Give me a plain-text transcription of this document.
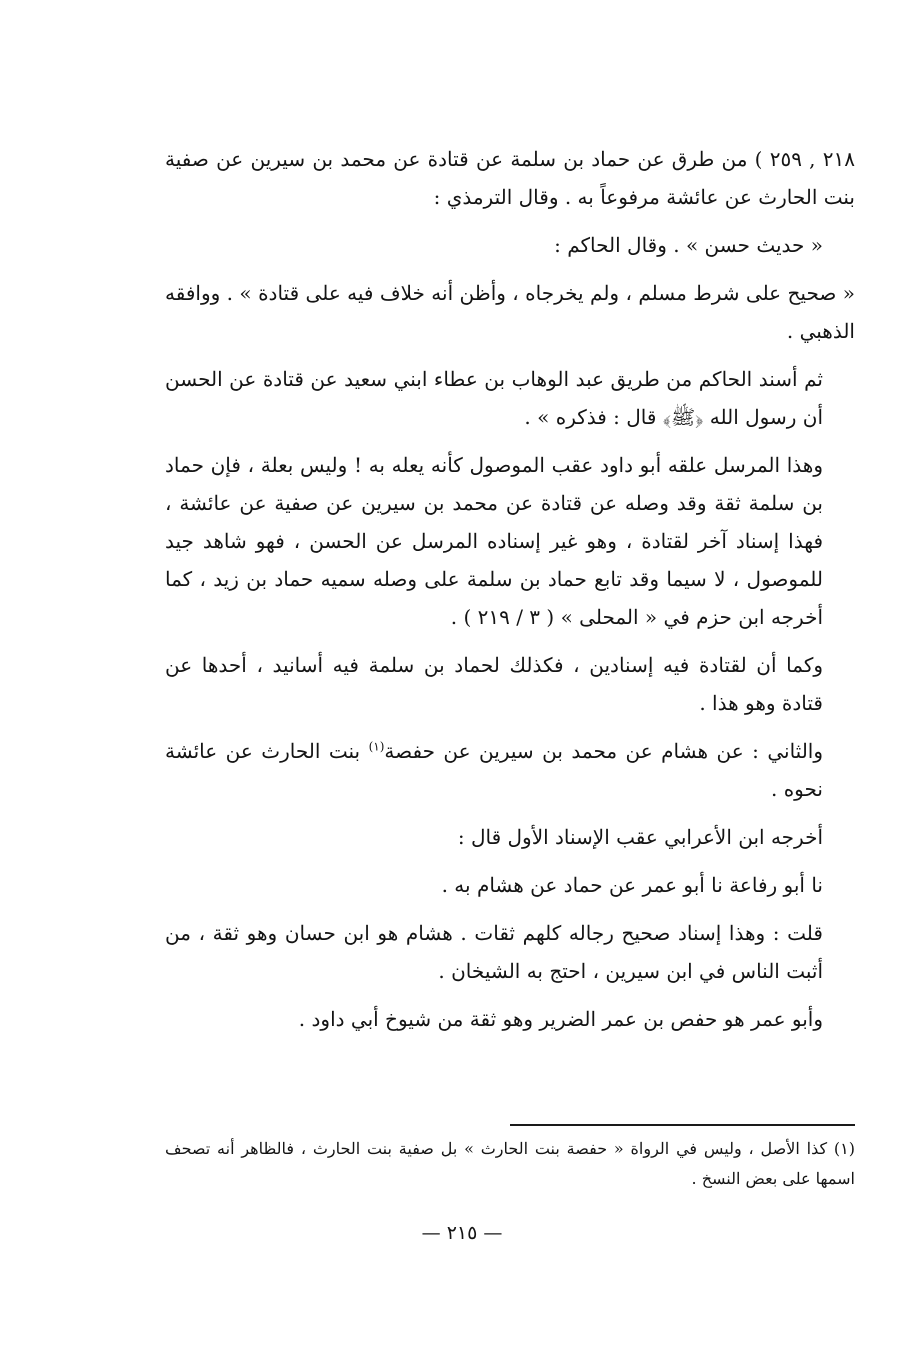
٢١٨ , ٢٥٩ ) من طرق عن حماد بن سلمة عن قتادة عن محمد بن سيرين عن صفية بنت الحارث عن عائشة مرفوعاً به . وقال الترمذي :

« حديث حسن » . وقال الحاكم :

« صحيح على شرط مسلم ، ولم يخرجاه ، وأظن أنه خلاف فيه على قتادة » . ووافقه الذهبي .

ثم أسند الحاكم من طريق عبد الوهاب بن عطاء ابني سعيد عن قتادة عن الحسن أن رسول الله ﴿ﷺ﴾ قال : فذكره » .

وهذا المرسل علقه أبو داود عقب الموصول كأنه يعله به ! وليس بعلة ، فإن حماد بن سلمة ثقة وقد وصله عن قتادة عن محمد بن سيرين عن صفية عن عائشة ، فهذا إسناد آخر لقتادة ، وهو غير إسناده المرسل عن الحسن ، فهو شاهد جيد للموصول ، لا سيما وقد تابع حماد بن سلمة على وصله سميه حماد بن زيد ، كما أخرجه ابن حزم في « المحلى » ( ٣ / ٢١٩ ) .

وكما أن لقتادة فيه إسنادين ، فكذلك لحماد بن سلمة فيه أسانيد ، أحدها عن قتادة وهو هذا .

والثاني : عن هشام عن محمد بن سيرين عن حفصة$^{(١)}$ بنت الحارث عن عائشة نحوه .

أخرجه ابن الأعرابي عقب الإسناد الأول قال :

نا أبو رفاعة نا أبو عمر عن حماد عن هشام به .

قلت : وهذا إسناد صحيح رجاله كلهم ثقات . هشام هو ابن حسان وهو ثقة ، من أثبت الناس في ابن سيرين ، احتج به الشيخان .

وأبو عمر هو حفص بن عمر الضرير وهو ثقة من شيوخ أبي داود .

(١) كذا الأصل ، وليس في الرواة « حفصة بنت الحارث » بل صفية بنت الحارث ، فالظاهر أنه تصحف اسمها على بعض النسخ .

— ٢١٥ —
